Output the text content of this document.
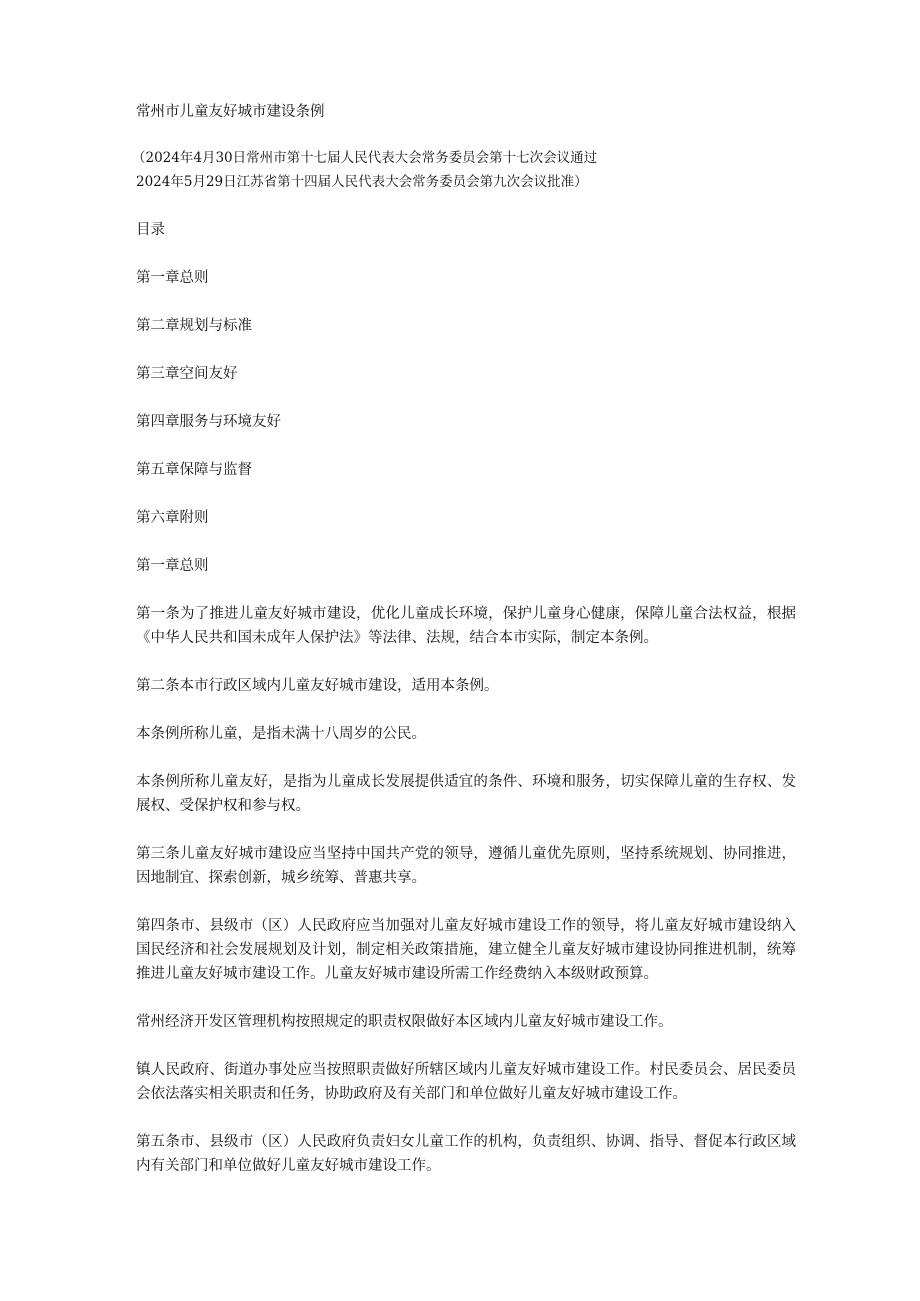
常州市儿童友好城市建设条例
（2024年4月30日常州市第十七届人民代表大会常务委员会第十七次会议通过
2024年5月29日江苏省第十四届人民代表大会常务委员会第九次会议批准）

目录

第一章总则

第二章规划与标准

第三章空间友好

第四章服务与环境友好

第五章保障与监督

第六章附则

第一章总则

第一条为了推进儿童友好城市建设，优化儿童成长环境，保护儿童身心健康，保障儿童合法权益，根据《中华人民共和国未成年人保护法》等法律、法规，结合本市实际，制定本条例。

第二条本市行政区域内儿童友好城市建设，适用本条例。

本条例所称儿童，是指未满十八周岁的公民。

本条例所称儿童友好，是指为儿童成长发展提供适宜的条件、环境和服务，切实保障儿童的生存权、发展权、受保护权和参与权。

第三条儿童友好城市建设应当坚持中国共产党的领导，遵循儿童优先原则，坚持系统规划、协同推进，因地制宜、探索创新，城乡统筹、普惠共享。

第四条市、县级市（区）人民政府应当加强对儿童友好城市建设工作的领导，将儿童友好城市建设纳入国民经济和社会发展规划及计划，制定相关政策措施，建立健全儿童友好城市建设协同推进机制，统筹推进儿童友好城市建设工作。儿童友好城市建设所需工作经费纳入本级财政预算。

常州经济开发区管理机构按照规定的职责权限做好本区域内儿童友好城市建设工作。

镇人民政府、街道办事处应当按照职责做好所辖区域内儿童友好城市建设工作。村民委员会、居民委员会依法落实相关职责和任务，协助政府及有关部门和单位做好儿童友好城市建设工作。

第五条市、县级市（区）人民政府负责妇女儿童工作的机构，负责组织、协调、指导、督促本行政区域内有关部门和单位做好儿童友好城市建设工作。
